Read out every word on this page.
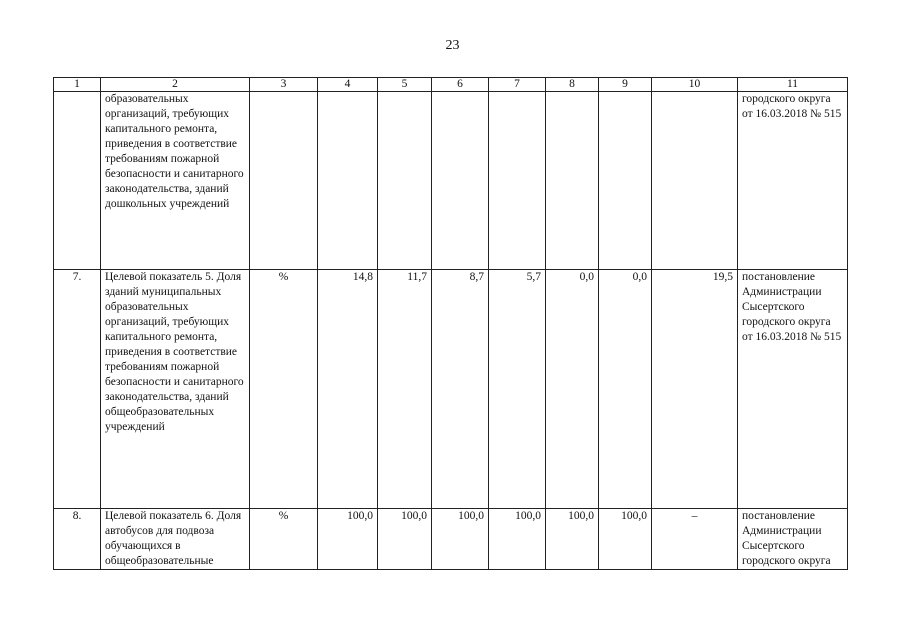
23
1	2	3	4	5	6	7	8	9	10	11
	образовательных организаций, требующих капитального ремонта, приведения в соответствие требованиям пожарной безопасности и санитарного законодательства, зданий дошкольных учреждений									городского округа от 16.03.2018 № 515
7.	Целевой показатель 5. Доля зданий муниципальных образовательных организаций, требующих капитального ремонта, приведения в соответствие требованиям пожарной безопасности и санитарного законодательства, зданий общеобразовательных учреждений	%	14,8	11,7	8,7	5,7	0,0	0,0	19,5	постановление Администрации Сысертского городского округа от 16.03.2018 № 515
8.	Целевой показатель 6. Доля автобусов для подвоза обучающихся в общеобразовательные	%	100,0	100,0	100,0	100,0	100,0	100,0	–	постановление Администрации Сысертского городского округа
